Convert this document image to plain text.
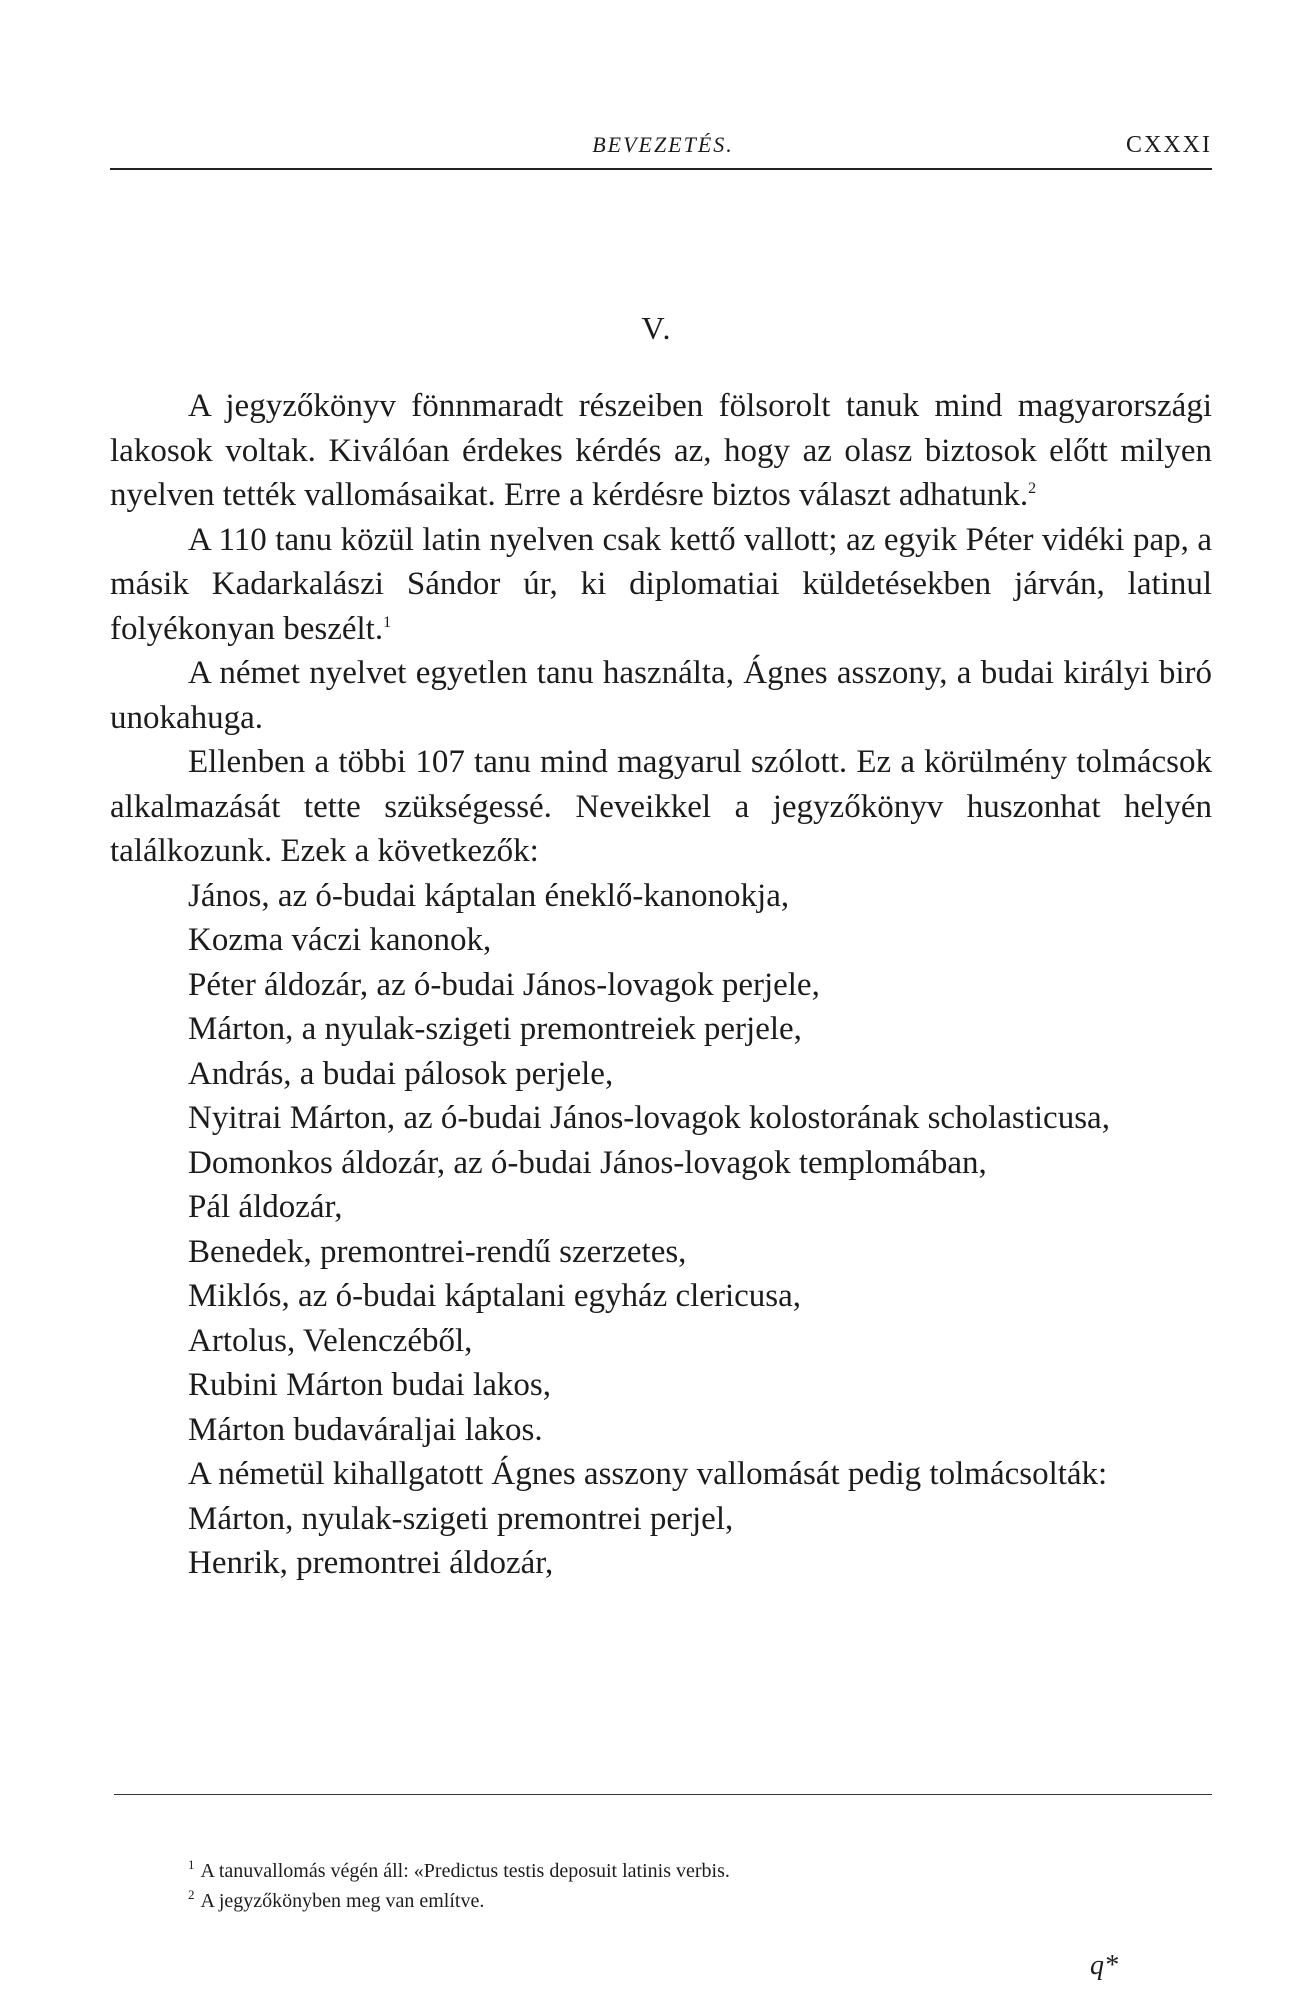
BEVEZETÉS.	CXXXI
V.

A jegyzőkönyv fönnmaradt részeiben fölsorolt tanuk mind magyarországi lakosok voltak. Kiválóan érdekes kérdés az, hogy az olasz biztosok előtt milyen nyelven tették vallomásaikat. Erre a kérdésre biztos választ adhatunk.$^2$

A 110 tanu közül latin nyelven csak kettő vallott; az egyik Péter vidéki pap, a másik Kadarkalászi Sándor úr, ki diplomatiai küldetésekben járván, latinul folyékonyan beszélt.$^1$

A német nyelvet egyetlen tanu használta, Ágnes asszony, a budai királyi biró unokahuga.

Ellenben a többi 107 tanu mind magyarul szólott. Ez a körülmény tolmácsok alkalmazását tette szükségessé. Neveikkel a jegyzőkönyv huszonhat helyén találkozunk. Ezek a következők:

János, az ó-budai káptalan éneklő-kanonokja,
Kozma váczi kanonok,
Péter áldozár, az ó-budai János-lovagok perjele,
Márton, a nyulak-szigeti premontreiek perjele,
András, a budai pálosok perjele,
Nyitrai Márton, az ó-budai János-lovagok kolostorának scholasticusa,
Domonkos áldozár, az ó-budai János-lovagok templomában,
Pál áldozár,
Benedek, premontrei-rendű szerzetes,
Miklós, az ó-budai káptalani egyház clericusa,
Artolus, Velenczéből,
Rubini Márton budai lakos,
Márton budaváraljai lakos.

A németül kihallgatott Ágnes asszony vallomását pedig tolmácsolták:

Márton, nyulak-szigeti premontrei perjel,
Henrik, premontrei áldozár,

$^1$ A tanuvallomás végén áll: «Predictus testis deposuit latinis verbis.

$^2$ A jegyzőkönyben meg van említve.

q*
